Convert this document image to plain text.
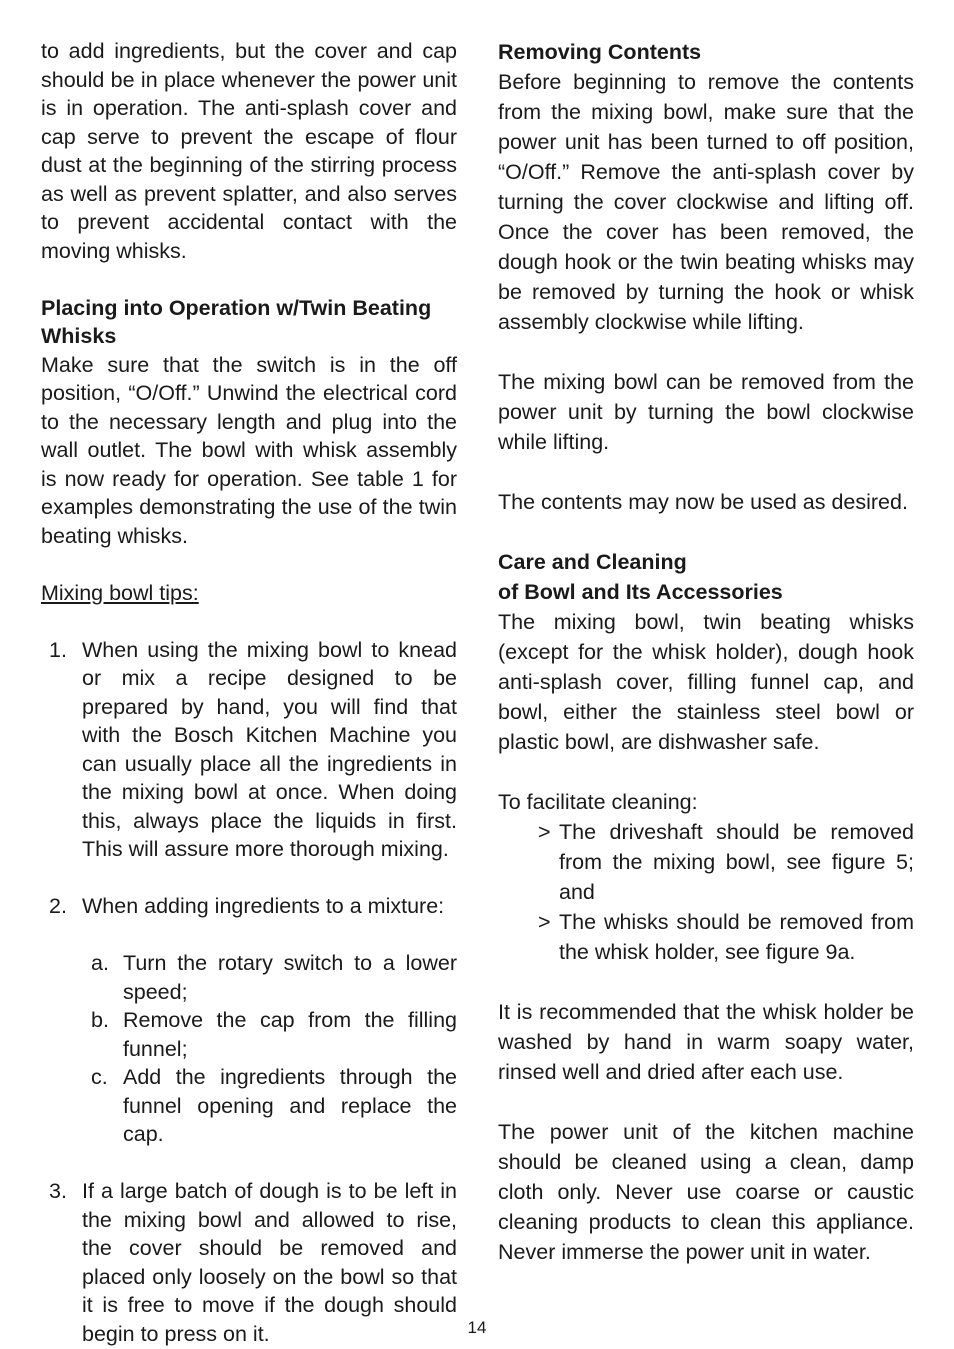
to add ingredients, but the cover and cap should be in place whenever the power unit is in operation. The anti-splash cover and cap serve to prevent the escape of flour dust at the beginning of the stirring process as well as prevent splatter, and also serves to prevent accidental contact with the moving whisks.

Placing into Operation w/Twin Beating Whisks

Make sure that the switch is in the off position, “O/Off.” Unwind the electrical cord to the necessary length and plug into the wall outlet. The bowl with whisk assembly is now ready for operation. See table 1 for examples demonstrating the use of the twin beating whisks.

Mixing bowl tips:

1. When using the mixing bowl to knead or mix a recipe designed to be prepared by hand, you will find that with the Bosch Kitchen Machine you can usually place all the ingredients in the mixing bowl at once. When doing this, always place the liquids in first. This will assure more thorough mixing.
2. When adding ingredients to a mixture:
a. Turn the rotary switch to a lower speed;
b. Remove the cap from the filling funnel;
c. Add the ingredients through the funnel opening and replace the cap.
3. If a large batch of dough is to be left in the mixing bowl and allowed to rise, the cover should be removed and placed only loosely on the bowl so that it is free to move if the dough should begin to press on it.

Removing Contents

Before beginning to remove the contents from the mixing bowl, make sure that the power unit has been turned to off position, “O/Off.” Remove the anti-splash cover by turning the cover clockwise and lifting off. Once the cover has been removed, the dough hook or the twin beating whisks may be removed by turning the hook or whisk assembly clockwise while lifting.

The mixing bowl can be removed from the power unit by turning the bowl clockwise while lifting.

The contents may now be used as desired.

Care and Cleaning

of Bowl and Its Accessories

The mixing bowl, twin beating whisks (except for the whisk holder), dough hook anti-splash cover, filling funnel cap, and bowl, either the stainless steel bowl or plastic bowl, are dishwasher safe.

To facilitate cleaning:

> The driveshaft should be removed from the mixing bowl, see figure 5; and
> The whisks should be removed from the whisk holder, see figure 9a.

It is recommended that the whisk holder be washed by hand in warm soapy water, rinsed well and dried after each use.

The power unit of the kitchen machine should be cleaned using a clean, damp cloth only. Never use coarse or caustic cleaning products to clean this appliance. Never immerse the power unit in water.

14
